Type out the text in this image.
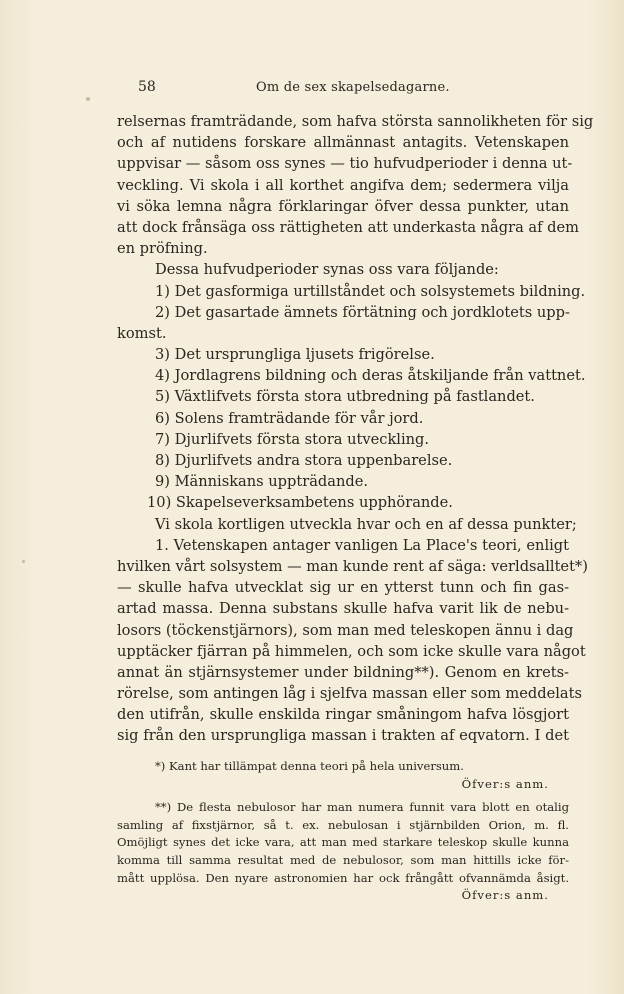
58	Om de sex skapelsedagarne.
relsernas framträdande, som hafva största sannolikheten för sig
och af nutidens forskare allmännast antagits. Vetenskapen
uppvisar — såsom oss synes — tio hufvudperioder i denna ut-
veckling. Vi skola i all korthet angifva dem; sedermera vilja
vi söka lemna några förklaringar öfver dessa punkter, utan
att dock frånsäga oss rättigheten att underkasta några af dem
en pröfning.
Dessa hufvudperioder synas oss vara följande:
1) Det gasformiga urtillståndet och solsystemets bildning.
2) Det gasartade ämnets förtätning och jordklotets upp-
komst.
3) Det ursprungliga ljusets frigörelse.
4) Jordlagrens bildning och deras åtskiljande från vattnet.
5) Växtlifvets första stora utbredning på fastlandet.
6) Solens framträdande för vår jord.
7) Djurlifvets första stora utveckling.
8) Djurlifvets andra stora uppenbarelse.
9) Människans uppträdande.
10) Skapelseverksambetens upphörande.
Vi skola kortligen utveckla hvar och en af dessa punkter;
1. Vetenskapen antager vanligen La Place's teori, enligt
hvilken vårt solsystem — man kunde rent af säga: verldsalltet*)
— skulle hafva utvecklat sig ur en ytterst tunn och fin gas-
artad massa. Denna substans skulle hafva varit lik de nebu-
losors (töckenstjärnors), som man med teleskopen ännu i dag
upptäcker fjärran på himmelen, och som icke skulle vara något
annat än stjärnsystemer under bildning**). Genom en krets-
rörelse, som antingen låg i sjelfva massan eller som meddelats
den utifrån, skulle enskilda ringar småningom hafva lösgjort
sig från den ursprungliga massan i trakten af eqvatorn. I det
*) Kant har tillämpat denna teori på hela universum.
Öfver:s anm.
**) De flesta nebulosor har man numera funnit vara blott en otalig
samling af fixstjärnor, så t. ex. nebulosan i stjärnbilden Orion, m. fl.
Omöjligt synes det icke vara, att man med starkare teleskop skulle kunna
komma till samma resultat med de nebulosor, som man hittills icke för-
mått upplösa. Den nyare astronomien har ock frångått ofvannämda åsigt.
Öfver:s anm.
